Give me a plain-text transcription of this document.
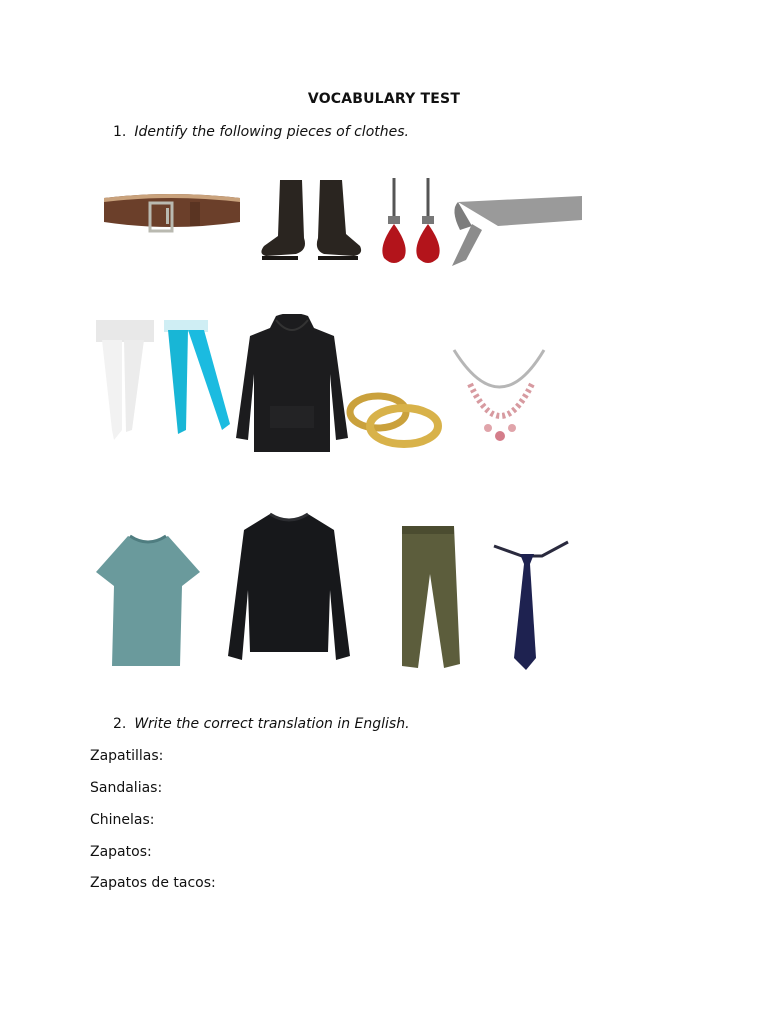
VOCABULARY TEST
1. Identify the following pieces of clothes.
2. Write the correct translation in English.
Zapatillas:
Sandalias:
Chinelas:
Zapatos:
Zapatos de tacos:
